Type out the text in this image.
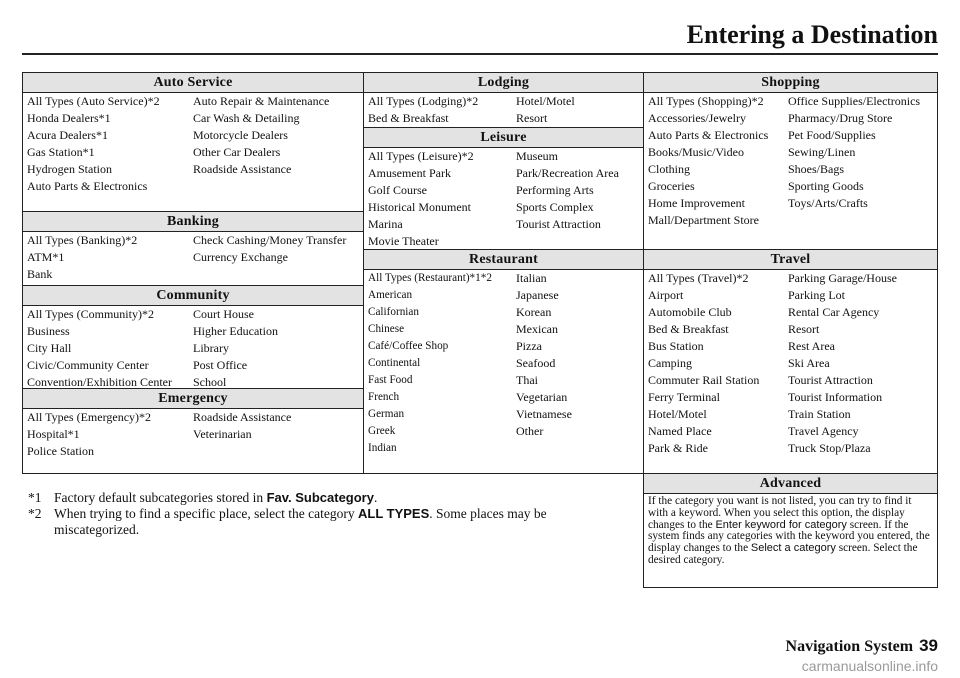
Entering a Destination
Auto Service
All Types (Auto Service)*2	Auto Repair & Maintenance
Honda Dealers*1	Car Wash & Detailing
Acura Dealers*1	Motorcycle Dealers
Gas Station*1	Other Car Dealers
Hydrogen Station	Roadside Assistance
Auto Parts & Electronics
Banking
All Types (Banking)*2	Check Cashing/Money Transfer
ATM*1	Currency Exchange
Bank
Community
All Types (Community)*2	Court House
Business	Higher Education
City Hall	Library
Civic/Community Center	Post Office
Convention/Exhibition Center	School
Emergency
All Types (Emergency)*2	Roadside Assistance
Hospital*1	Veterinarian
Police Station
Lodging
All Types (Lodging)*2	Hotel/Motel
Bed & Breakfast	Resort
Leisure
All Types (Leisure)*2	Museum
Amusement Park	Park/Recreation Area
Golf Course	Performing Arts
Historical Monument	Sports Complex
Marina	Tourist Attraction
Movie Theater
Restaurant
All Types (Restaurant)*1*2	Italian
American	Japanese
Californian	Korean
Chinese	Mexican
Café/Coffee Shop	Pizza
Continental	Seafood
Fast Food	Thai
French	Vegetarian
German	Vietnamese
Greek	Other
Indian
Shopping
All Types (Shopping)*2	Office Supplies/Electronics
Accessories/Jewelry	Pharmacy/Drug Store
Auto Parts & Electronics	Pet Food/Supplies
Books/Music/Video	Sewing/Linen
Clothing	Shoes/Bags
Groceries	Sporting Goods
Home Improvement	Toys/Arts/Crafts
Mall/Department Store
Travel
All Types (Travel)*2	Parking Garage/House
Airport	Parking Lot
Automobile Club	Rental Car Agency
Bed & Breakfast	Resort
Bus Station	Rest Area
Camping	Ski Area
Commuter Rail Station	Tourist Attraction
Ferry Terminal	Tourist Information
Hotel/Motel	Train Station
Named Place	Travel Agency
Park & Ride	Truck Stop/Plaza
Advanced
If the category you want is not listed, you can try to find it with a keyword. When you select this option, the display changes to the Enter keyword for category screen. If the system finds any categories with the keyword you entered, the display changes to the Select a category screen. Select the desired category.
*1 Factory default subcategories stored in Fav. Subcategory.
*2 When trying to find a specific place, select the category ALL TYPES. Some places may be miscategorized.
Navigation System 39
carmanualsonline.info
